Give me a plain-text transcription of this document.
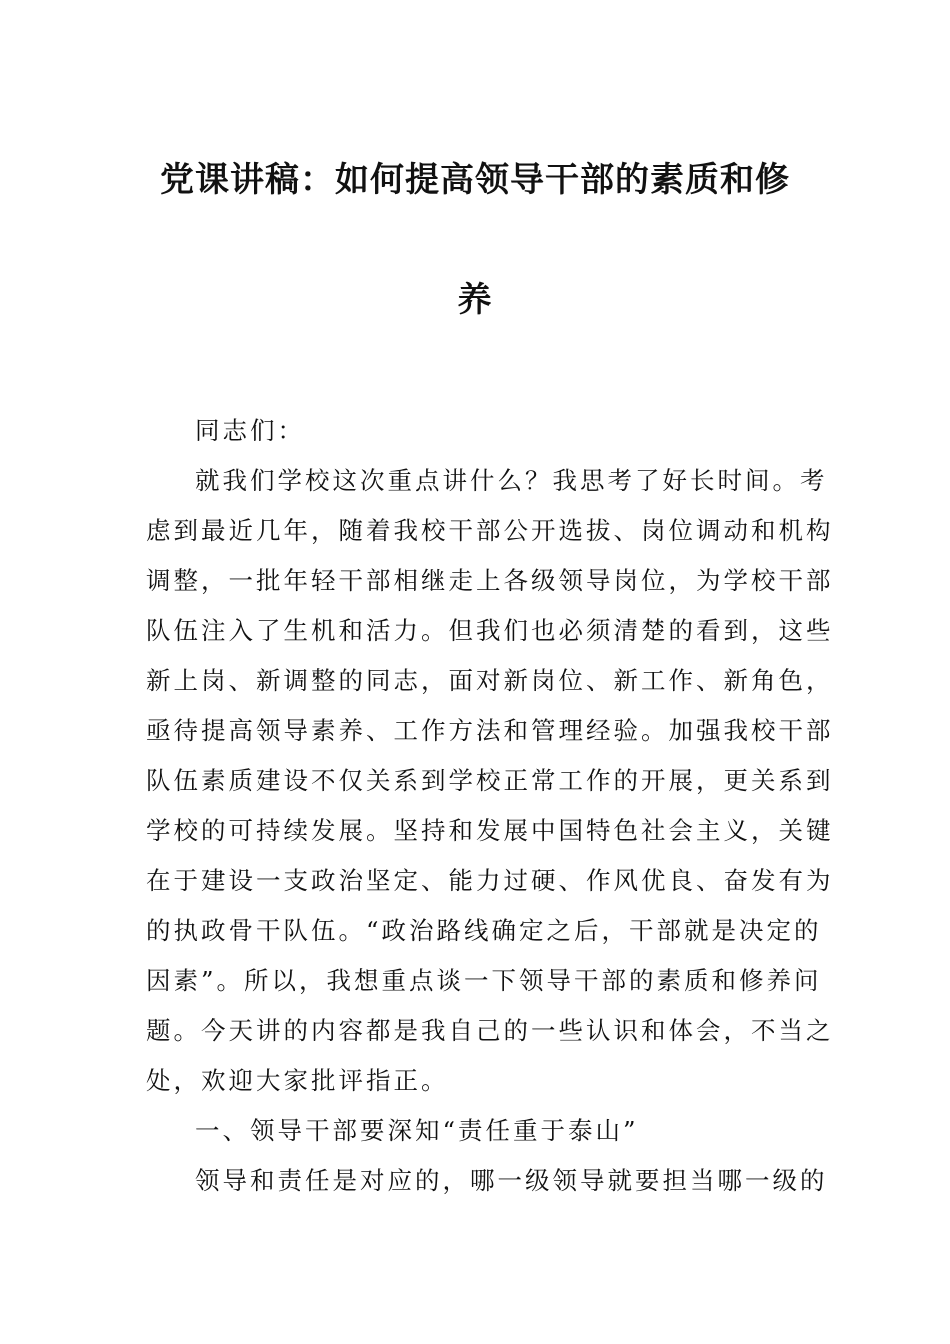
党课讲稿：如何提高领导干部的素质和修
养

同志们：

就我们学校这次重点讲什么？我思考了好长时间。考
虑到最近几年，随着我校干部公开选拔、岗位调动和机构
调整，一批年轻干部相继走上各级领导岗位，为学校干部
队伍注入了生机和活力。但我们也必须清楚的看到，这些
新上岗、新调整的同志，面对新岗位、新工作、新角色，
亟待提高领导素养、工作方法和管理经验。加强我校干部
队伍素质建设不仅关系到学校正常工作的开展，更关系到
学校的可持续发展。坚持和发展中国特色社会主义，关键
在于建设一支政治坚定、能力过硬、作风优良、奋发有为
的执政骨干队伍。“政治路线确定之后，干部就是决定的
因素”。所以，我想重点谈一下领导干部的素质和修养问
题。今天讲的内容都是我自己的一些认识和体会，不当之
处，欢迎大家批评指正。

一、领导干部要深知“责任重于泰山”

领导和责任是对应的，哪一级领导就要担当哪一级的
